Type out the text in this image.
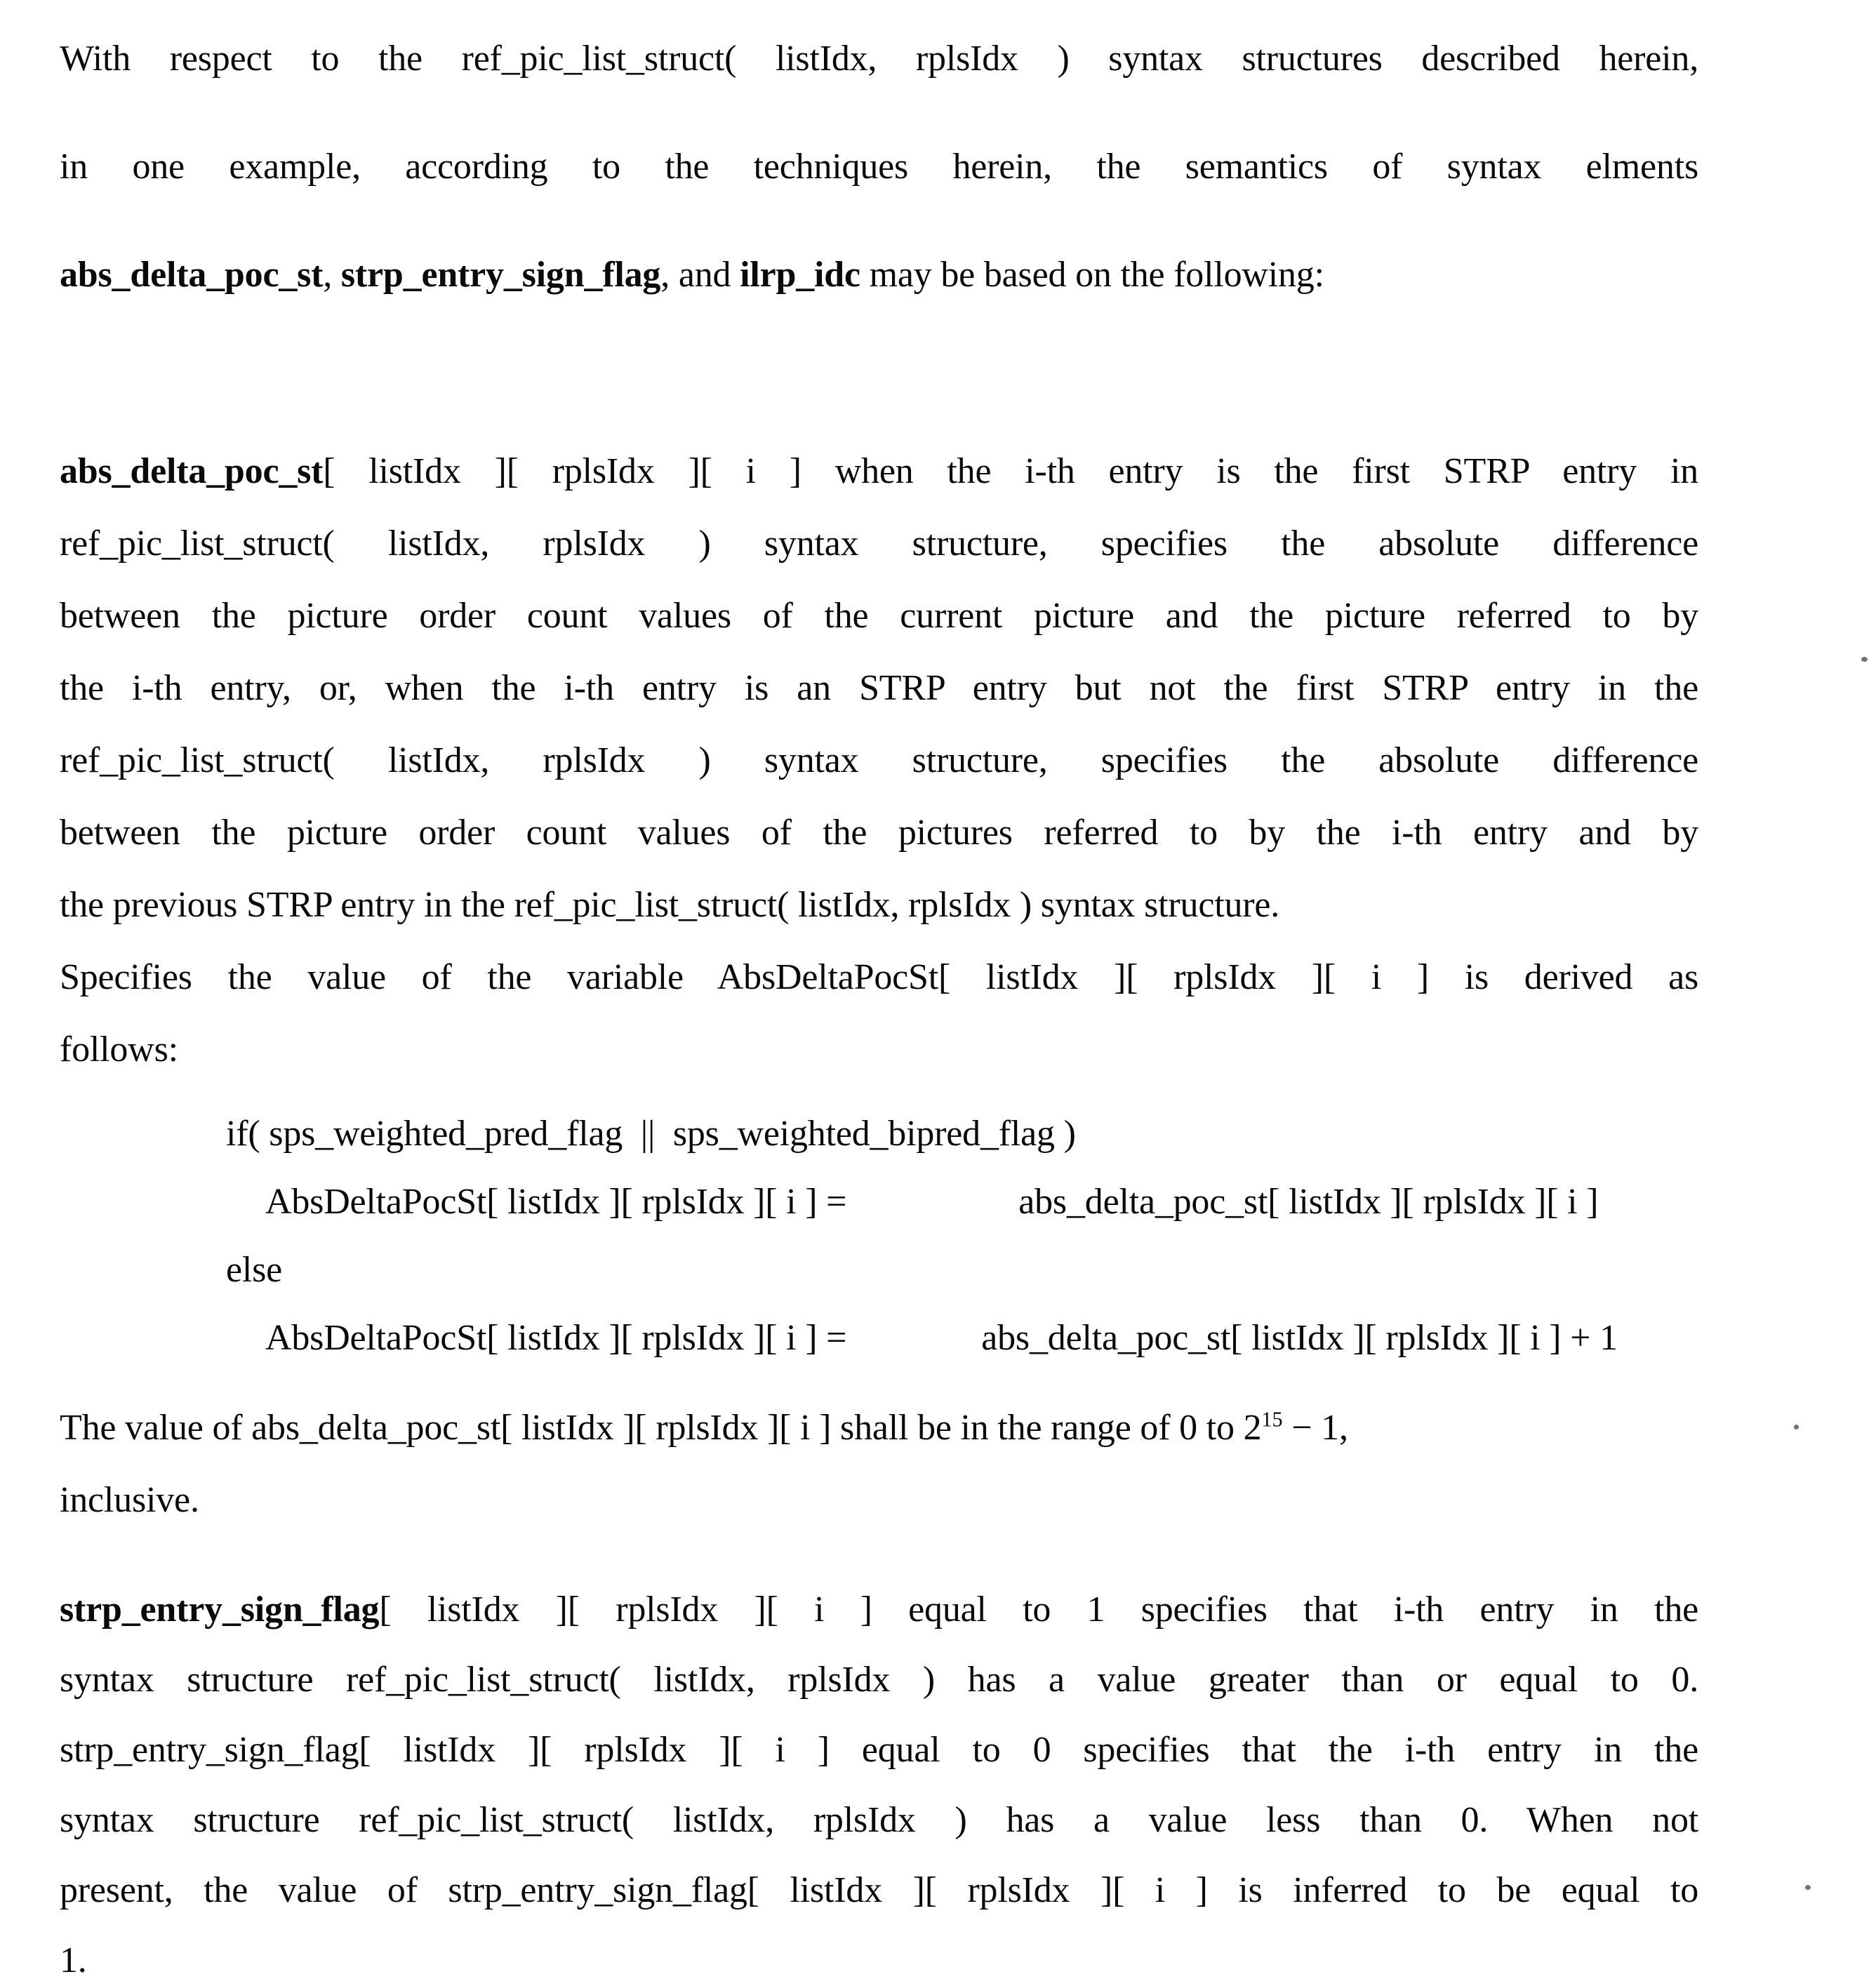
With respect to the ref_pic_list_struct( listIdx, rplsIdx ) syntax structures described herein,
in one example, according to the techniques herein, the semantics of syntax elments
abs_delta_poc_st, strp_entry_sign_flag, and ilrp_idc may be based on the following:
abs_delta_poc_st[ listIdx ][ rplsIdx ][ i ] when the i-th entry is the first STRP entry in
ref_pic_list_struct( listIdx, rplsIdx ) syntax structure, specifies the absolute difference
between the picture order count values of the current picture and the picture referred to by
the i-th entry, or, when the i-th entry is an STRP entry but not the first STRP entry in the
ref_pic_list_struct( listIdx, rplsIdx ) syntax structure, specifies the absolute difference
between the picture order count values of the pictures referred to by the i-th entry and by
the previous STRP entry in the ref_pic_list_struct( listIdx, rplsIdx ) syntax structure.
Specifies the value of the variable AbsDeltaPocSt[ listIdx ][ rplsIdx ][ i ] is derived as
follows:
if( sps_weighted_pred_flag  ||  sps_weighted_bipred_flag )
AbsDeltaPocSt[ listIdx ][ rplsIdx ][ i ] =	abs_delta_poc_st[ listIdx ][ rplsIdx ][ i ]
else
AbsDeltaPocSt[ listIdx ][ rplsIdx ][ i ] =	abs_delta_poc_st[ listIdx ][ rplsIdx ][ i ] + 1
The value of abs_delta_poc_st[ listIdx ][ rplsIdx ][ i ] shall be in the range of 0 to $2^{15} - 1$,
inclusive.
strp_entry_sign_flag[ listIdx ][ rplsIdx ][ i ] equal to 1 specifies that i-th entry in the
syntax structure ref_pic_list_struct( listIdx, rplsIdx ) has a value greater than or equal to 0.
strp_entry_sign_flag[ listIdx ][ rplsIdx ][ i ] equal to 0 specifies that the i-th entry in the
syntax structure ref_pic_list_struct( listIdx, rplsIdx ) has a value less than 0. When not
present, the value of strp_entry_sign_flag[ listIdx ][ rplsIdx ][ i ] is inferred to be equal to
1.
